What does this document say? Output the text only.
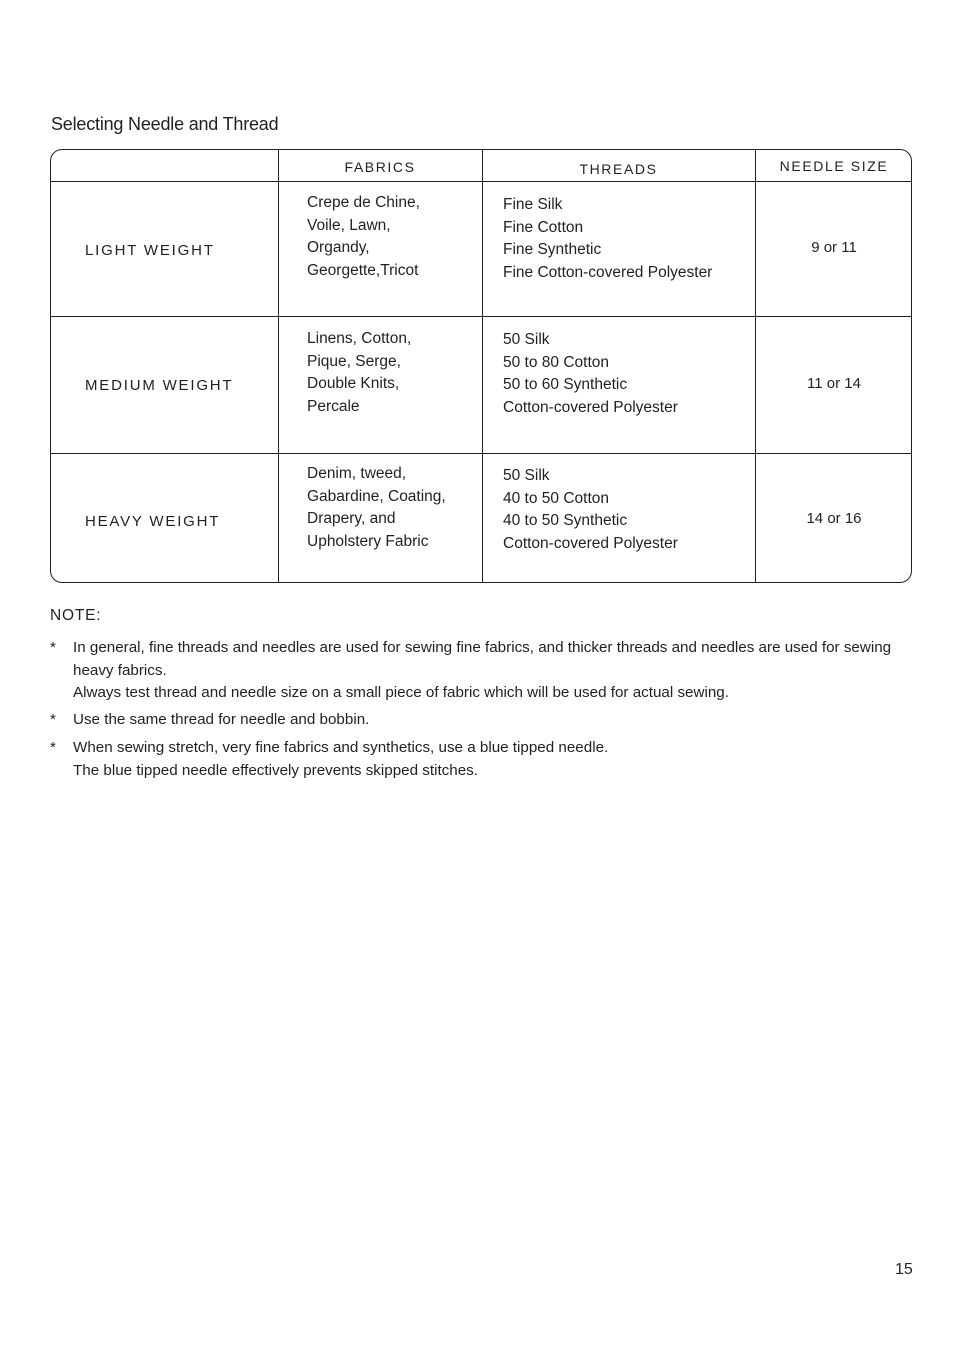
Selecting Needle and Thread
FABRICS	THREADS	NEEDLE SIZE
LIGHT WEIGHT
Crepe de Chine,
Voile, Lawn,
Organdy,
Georgette,Tricot
Fine Silk
Fine Cotton
Fine Synthetic
Fine Cotton-covered Polyester
9 or 11
MEDIUM WEIGHT
Linens, Cotton,
Pique, Serge,
Double Knits,
Percale
50 Silk
50 to 80 Cotton
50 to 60 Synthetic
Cotton-covered Polyester
11 or 14
HEAVY WEIGHT
Denim, tweed,
Gabardine, Coating,
Drapery, and
Upholstery Fabric
50 Silk
40 to 50 Cotton
40 to 50 Synthetic
Cotton-covered Polyester
14 or 16
NOTE:
* In general, fine threads and needles are used for sewing fine fabrics, and thicker threads and needles are used for sewing
heavy fabrics.
Always test thread and needle size on a small piece of fabric which will be used for actual sewing.
* Use the same thread for needle and bobbin.
* When sewing stretch, very fine fabrics and synthetics, use a blue tipped needle.
The blue tipped needle effectively prevents skipped stitches.
15
